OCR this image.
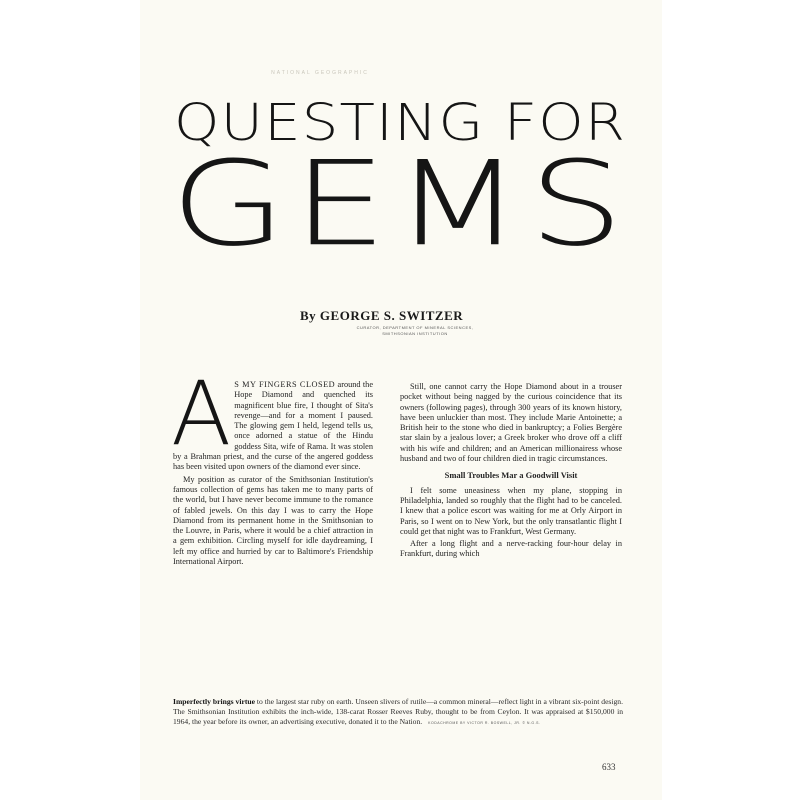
NATIONAL GEOGRAPHIC
QUESTING FOR
GEMS
By GEORGE S. SWITZER
CURATOR, DEPARTMENT OF MINERAL SCIENCES,
SMITHSONIAN INSTITUTION

A S MY FINGERS CLOSED around the Hope Diamond and quenched its magnificent blue fire, I thought of Sita's revenge—and for a moment I paused. The glowing gem I held, legend tells us, once adorned a statue of the Hindu goddess Sita, wife of Rama. It was stolen by a Brahman priest, and the curse of the angered goddess has been visited upon owners of the diamond ever since.

My position as curator of the Smithsonian Institution's famous collection of gems has taken me to many parts of the world, but I have never become immune to the romance of fabled jewels. On this day I was to carry the Hope Diamond from its permanent home in the Smithsonian to the Louvre, in Paris, where it would be a chief attraction in a gem exhibition. Circling myself for idle daydreaming, I left my office and hurried by car to Baltimore's Friendship International Airport.

Still, one cannot carry the Hope Diamond about in a trouser pocket without being nagged by the curious coincidence that its owners (following pages), through 300 years of its known history, have been unluckier than most. They include Marie Antoinette; a British heir to the stone who died in bankruptcy; a Folies Bergère star slain by a jealous lover; a Greek broker who drove off a cliff with his wife and children; and an American millionairess whose husband and two of four children died in tragic circumstances.

Small Troubles Mar a Goodwill Visit

I felt some uneasiness when my plane, stopping in Philadelphia, landed so roughly that the flight had to be canceled. I knew that a police escort was waiting for me at Orly Airport in Paris, so I went on to New York, but the only transatlantic flight I could get that night was to Frankfurt, West Germany.

After a long flight and a nerve-racking four-hour delay in Frankfurt, during which

Imperfectly brings virtue to the largest star ruby on earth. Unseen slivers of rutile—a common mineral—reflect light in a vibrant six-point design. The Smithsonian Institution exhibits the inch-wide, 138-carat Rosser Reeves Ruby, thought to be from Ceylon. It was appraised at $150,000 in 1964, the year before its owner, an advertising executive, donated it to the Nation. KODACHROME BY VICTOR R. BOSWELL, JR. © N.G.S.
633
